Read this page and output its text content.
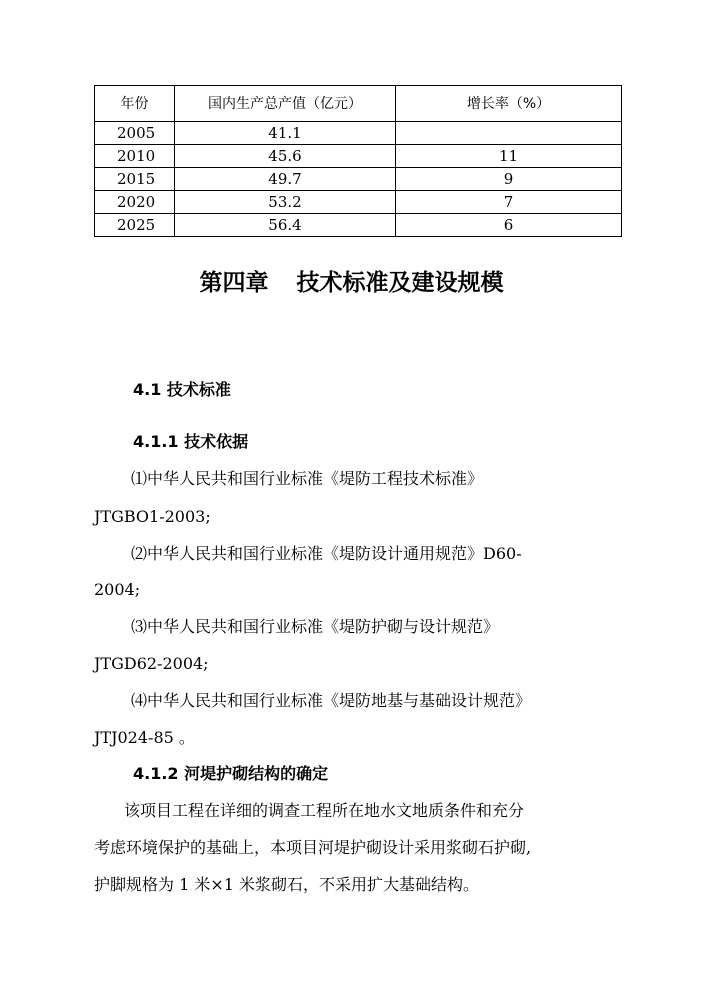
年份	国内生产总产值（亿元）	增长率（%）
2005	41.1	
2010	45.6	11
2015	49.7	9
2020	53.2	7
2025	56.4	6
第四章 技术标准及建设规模
4.1 技术标准
4.1.1 技术依据

⑴中华人民共和国行业标准《堤防工程技术标准》

JTGBO1-2003;

⑵中华人民共和国行业标准《堤防设计通用规范》D60-

2004;

⑶中华人民共和国行业标准《堤防护砌与设计规范》

JTGD62-2004;

⑷中华人民共和国行业标准《堤防地基与基础设计规范》

JTJ024-85 。

4.1.2 河堤护砌结构的确定

该项目工程在详细的调查工程所在地水文地质条件和充分

考虑环境保护的基础上，本项目河堤护砌设计采用浆砌石护砌,

护脚规格为 1 米×1 米浆砌石，不采用扩大基础结构。
